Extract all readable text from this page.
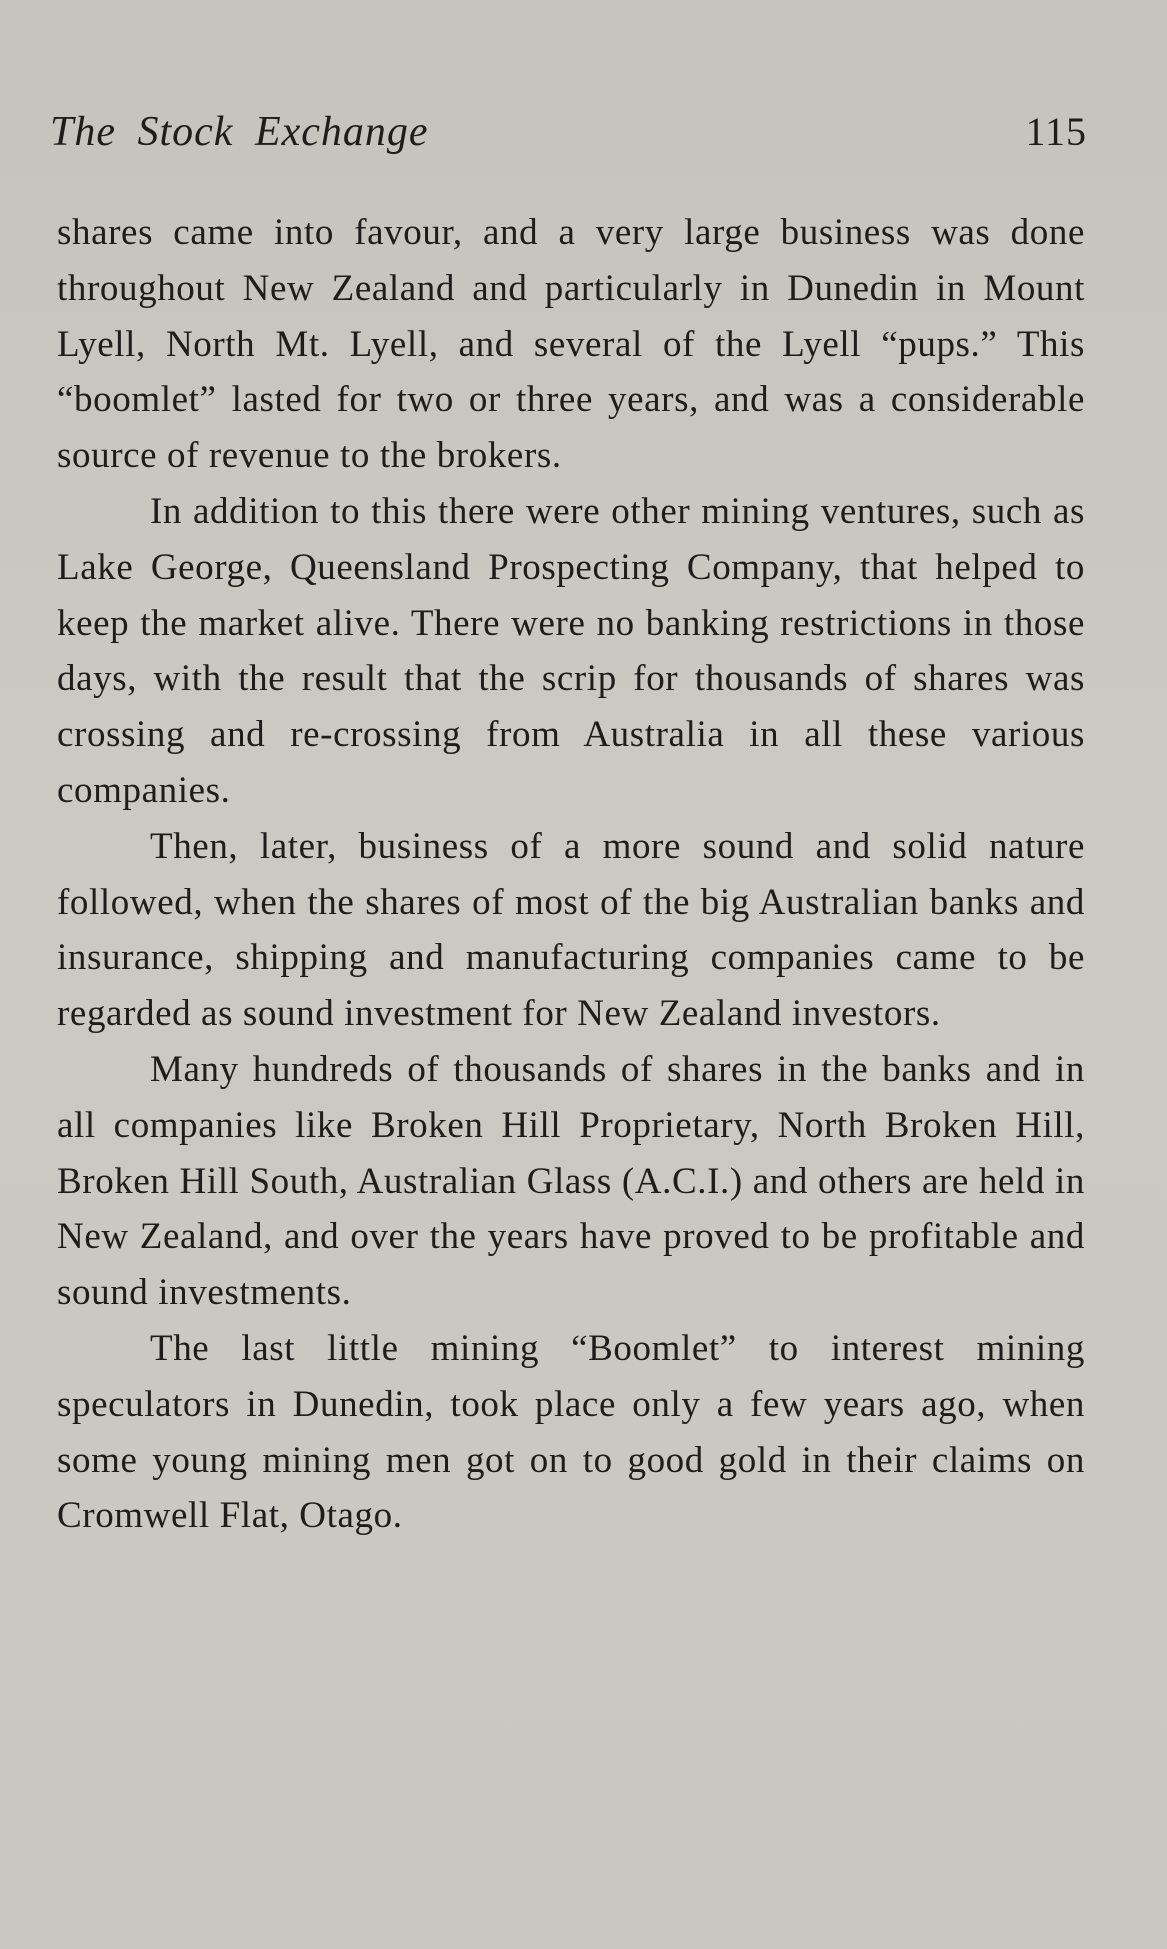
The Stock Exchange	115

shares came into favour, and a very large business was done throughout New Zealand and particularly in Dunedin in Mount Lyell, North Mt. Lyell, and several of the Lyell “pups.” This “boomlet” lasted for two or three years, and was a considerable source of revenue to the brokers.

In addition to this there were other mining ventures, such as Lake George, Queensland Prospecting Company, that helped to keep the market alive. There were no banking restrictions in those days, with the result that the scrip for thousands of shares was crossing and re-crossing from Australia in all these various companies.

Then, later, business of a more sound and solid nature followed, when the shares of most of the big Australian banks and insurance, shipping and manufacturing companies came to be regarded as sound investment for New Zealand investors.

Many hundreds of thousands of shares in the banks and in all companies like Broken Hill Proprietary, North Broken Hill, Broken Hill South, Australian Glass (A.C.I.) and others are held in New Zealand, and over the years have proved to be profitable and sound investments.

The last little mining “Boomlet” to interest mining speculators in Dunedin, took place only a few years ago, when some young mining men got on to good gold in their claims on Cromwell Flat, Otago.
